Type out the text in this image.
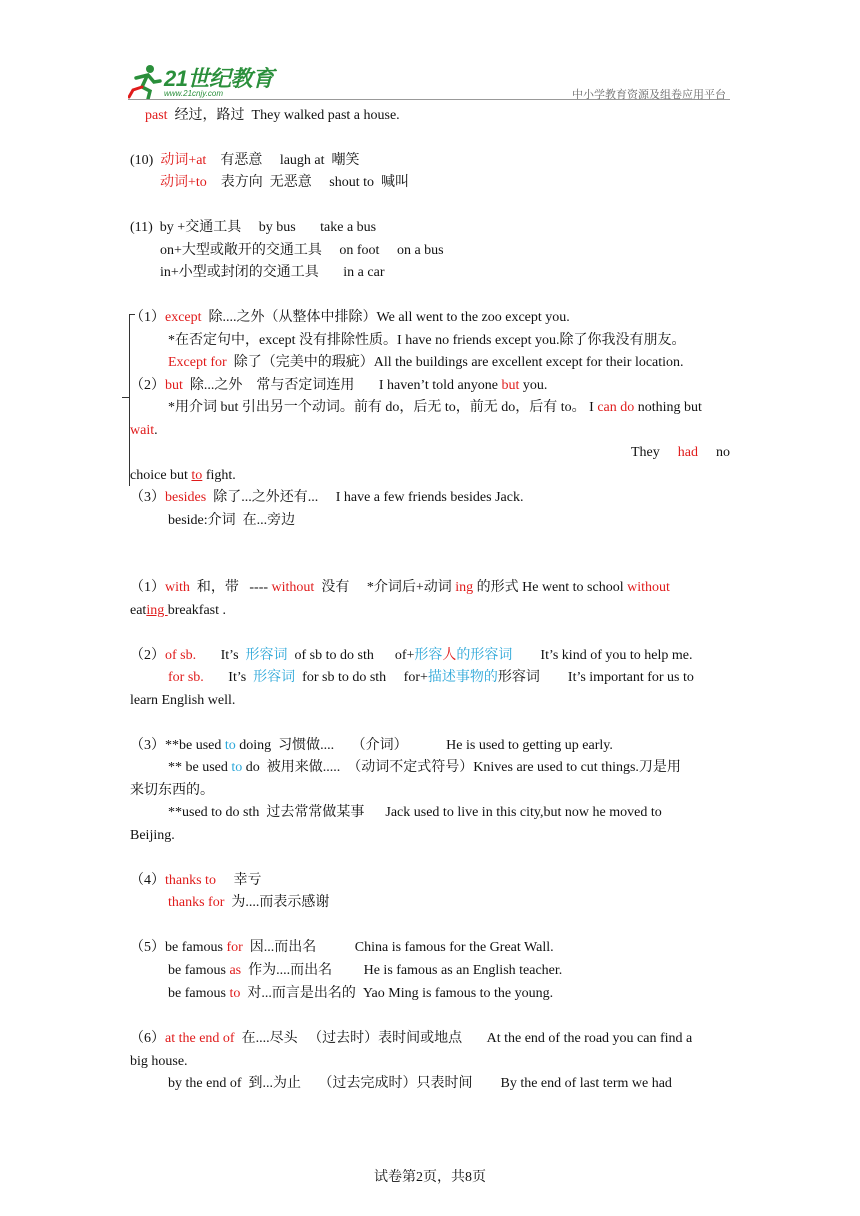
21世纪教育
www.21cnjy.com	中小学教育资源及组卷应用平台
past  经过，路过  They walked past a house.
(10)  动词+at    有恶意     laugh at  嘲笑
动词+to    表方向  无恶意     shout to  喊叫
(11)  by +交通工具     by bus       take a bus
on+大型或敞开的交通工具     on foot     on a bus
in+小型或封闭的交通工具       in a car
（1）except  除....之外（从整体中排除）We all went to the zoo except you.
*在否定句中，except 没有排除性质。I have no friends except you.除了你我没有朋友。
Except for  除了（完美中的瑕疵）All the buildings are excellent except for their location.
（2）but  除...之外    常与否定词连用       I haven’t told anyone but you.
*用介词 but 引出另一个动词。前有 do，后无 to，前无 do，后有 to。 I can do nothing but
wait.
They had no
choice but to fight.
（3）besides  除了...之外还有...     I have a few friends besides Jack.
beside:介词  在...旁边
（1）with  和，带   ---- without  没有     *介词后+动词 ing 的形式 He went to school without
eating breakfast .
（2）of sb.       It’s  形容词  of sb to do sth      of+形容人的形容词        It’s kind of you to help me.
for sb.       It’s  形容词  for sb to do sth     for+描述事物的形容词        It’s important for us to
learn English well.
（3）**be used to doing  习惯做....     （介词）           He is used to getting up early.
** be used to do  被用来做.....  （动词不定式符号）Knives are used to cut things.刀是用
来切东西的。
**used to do sth  过去常常做某事      Jack used to live in this city,but now he moved to
Beijing.
（4）thanks to     幸亏
thanks for  为....而表示感谢
（5）be famous for  因...而出名           China is famous for the Great Wall.
be famous as  作为....而出名         He is famous as an English teacher.
be famous to  对...而言是出名的  Yao Ming is famous to the young.
（6）at the end of  在....尽头   （过去时）表时间或地点       At the end of the road you can find a
big house.
by the end of  到...为止     （过去完成时）只表时间        By the end of last term we had
试卷第2页，共8页
